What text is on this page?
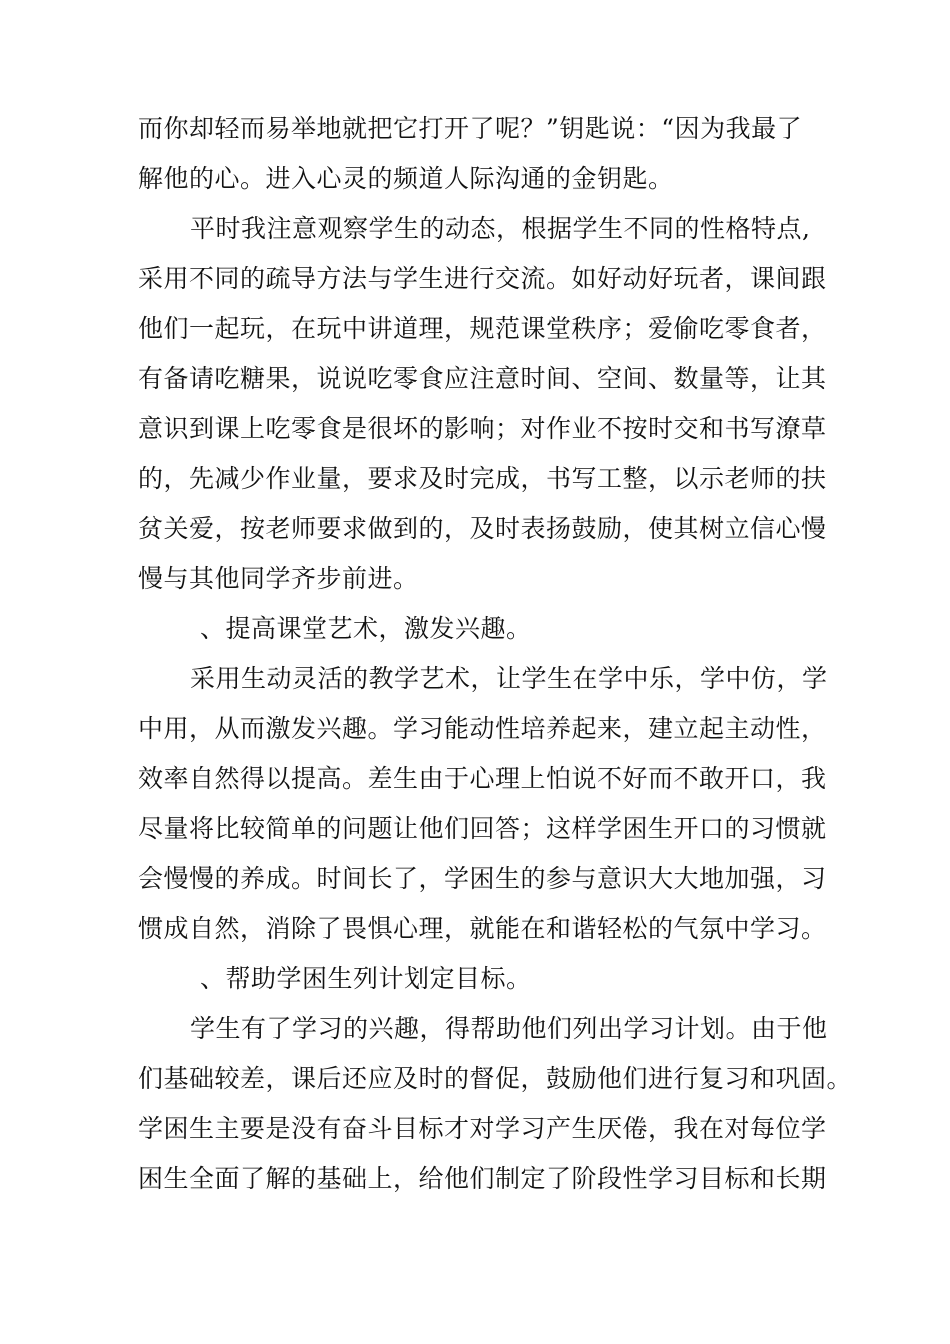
而你却轻而易举地就把它打开了呢？”钥匙说：“因为我最了
解他的心。进入心灵的频道人际沟通的金钥匙。
平时我注意观察学生的动态，根据学生不同的性格特点,
采用不同的疏导方法与学生进行交流。如好动好玩者，课间跟
他们一起玩，在玩中讲道理，规范课堂秩序；爱偷吃零食者，
有备请吃糖果，说说吃零食应注意时间、空间、数量等，让其
意识到课上吃零食是很坏的影响；对作业不按时交和书写潦草
的，先减少作业量，要求及时完成，书写工整，以示老师的扶
贫关爱，按老师要求做到的，及时表扬鼓励，使其树立信心慢
慢与其他同学齐步前进。
、提高课堂艺术，激发兴趣。
采用生动灵活的教学艺术，让学生在学中乐，学中仿，学
中用，从而激发兴趣。学习能动性培养起来，建立起主动性，
效率自然得以提高。差生由于心理上怕说不好而不敢开口，我
尽量将比较简单的问题让他们回答；这样学困生开口的习惯就
会慢慢的养成。时间长了，学困生的参与意识大大地加强，习
惯成自然，消除了畏惧心理，就能在和谐轻松的气氛中学习。
、帮助学困生列计划定目标。
学生有了学习的兴趣，得帮助他们列出学习计划。由于他
们基础较差，课后还应及时的督促，鼓励他们进行复习和巩固。
学困生主要是没有奋斗目标才对学习产生厌倦，我在对每位学
困生全面了解的基础上，给他们制定了阶段性学习目标和长期
